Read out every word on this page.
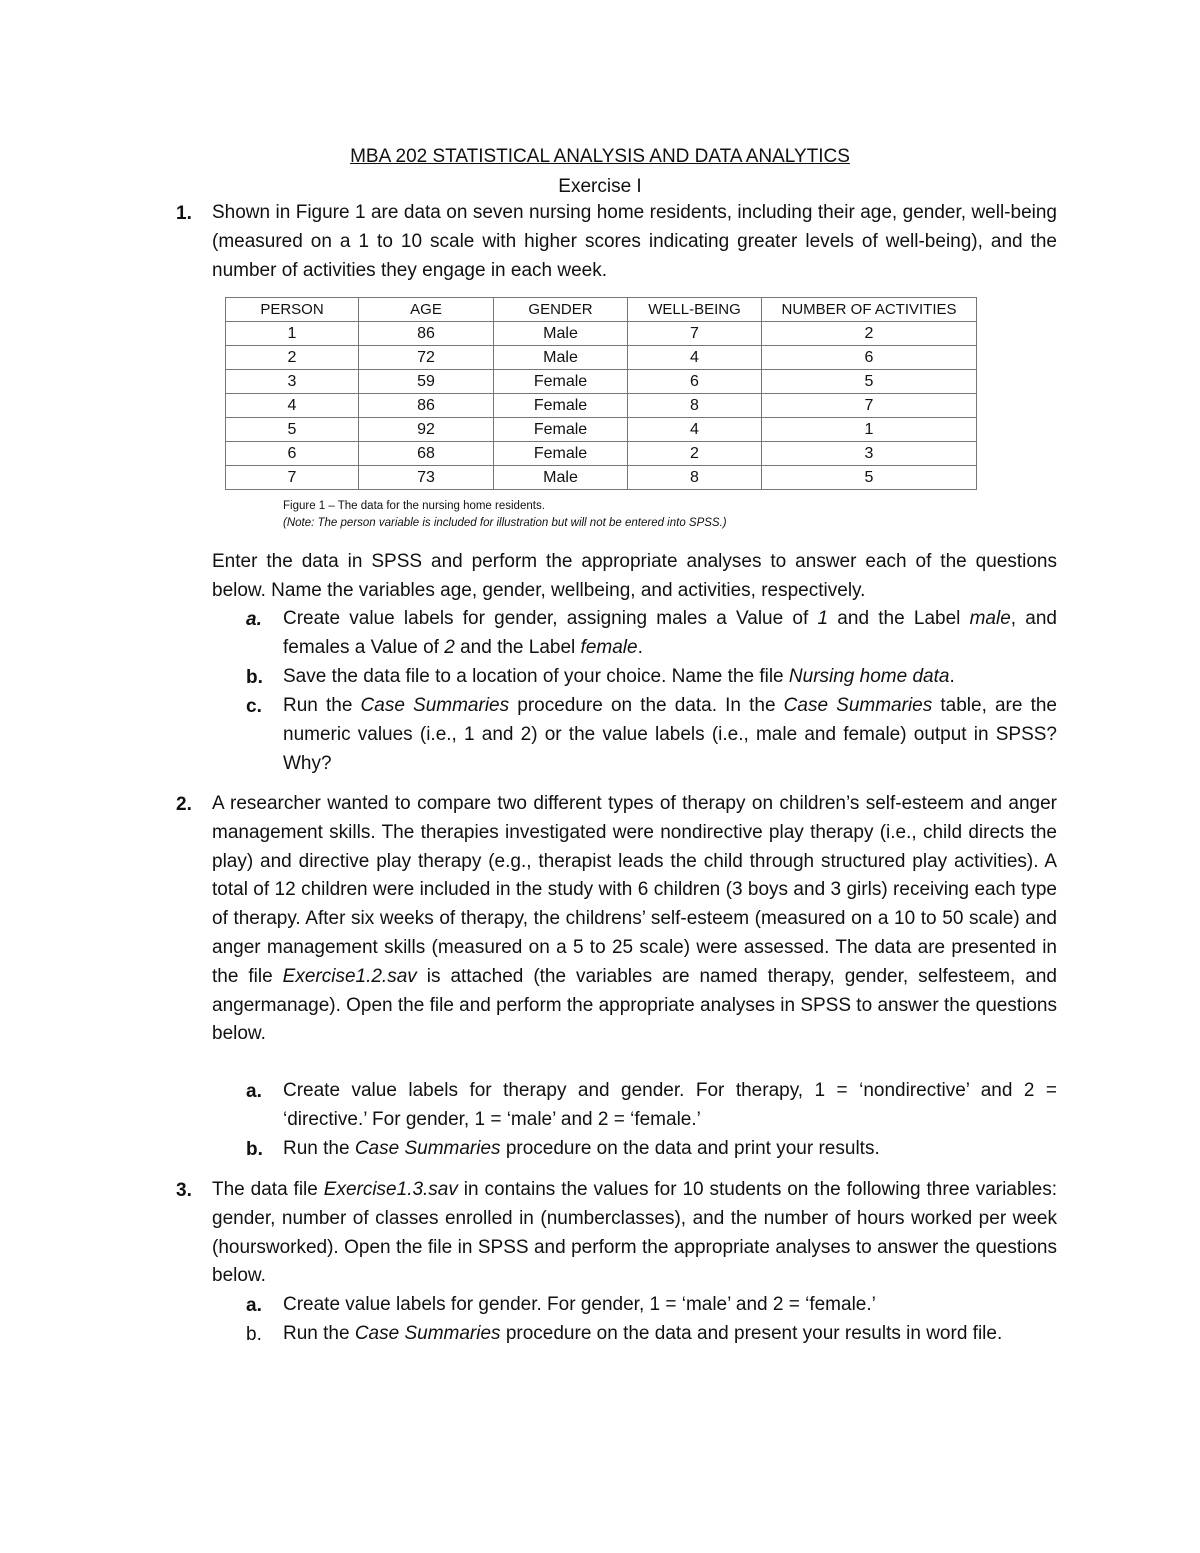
MBA 202 STATISTICAL ANALYSIS AND DATA ANALYTICS
Exercise I
1. Shown in Figure 1 are data on seven nursing home residents, including their age, gender, well-being (measured on a 1 to 10 scale with higher scores indicating greater levels of well-being), and the number of activities they engage in each week.

PERSON	AGE	GENDER	WELL-BEING	NUMBER OF ACTIVITIES
1	86	Male	7	2
2	72	Male	4	6
3	59	Female	6	5
4	86	Female	8	7
5	92	Female	4	1
6	68	Female	2	3
7	73	Male	8	5
Figure 1 – The data for the nursing home residents.
(Note: The person variable is included for illustration but will not be entered into SPSS.)

Enter the data in SPSS and perform the appropriate analyses to answer each of the questions below. Name the variables age, gender, wellbeing, and activities, respectively.

a. Create value labels for gender, assigning males a Value of 1 and the Label male, and females a Value of 2 and the Label female.

b. Save the data file to a location of your choice. Name the file Nursing home data.

c. Run the Case Summaries procedure on the data. In the Case Summaries table, are the numeric values (i.e., 1 and 2) or the value labels (i.e., male and female) output in SPSS? Why?

2. A researcher wanted to compare two different types of therapy on children’s self-esteem and anger management skills. The therapies investigated were nondirective play therapy (i.e., child directs the play) and directive play therapy (e.g., therapist leads the child through structured play activities). A total of 12 children were included in the study with 6 children (3 boys and 3 girls) receiving each type of therapy. After six weeks of therapy, the childrens’ self-esteem (measured on a 10 to 50 scale) and anger management skills (measured on a 5 to 25 scale) were assessed. The data are presented in the file Exercise1.2.sav is attached (the variables are named therapy, gender, selfesteem, and angermanage). Open the file and perform the appropriate analyses in SPSS to answer the questions below.

a. Create value labels for therapy and gender. For therapy, 1 = ‘nondirective’ and 2 = ‘directive.’ For gender, 1 = ‘male’ and 2 = ‘female.’

b. Run the Case Summaries procedure on the data and print your results.

3. The data file Exercise1.3.sav in contains the values for 10 students on the following three variables: gender, number of classes enrolled in (numberclasses), and the number of hours worked per week (hoursworked). Open the file in SPSS and perform the appropriate analyses to answer the questions below.

a. Create value labels for gender. For gender, 1 = ‘male’ and 2 = ‘female.’

b. Run the Case Summaries procedure on the data and present your results in word file.
